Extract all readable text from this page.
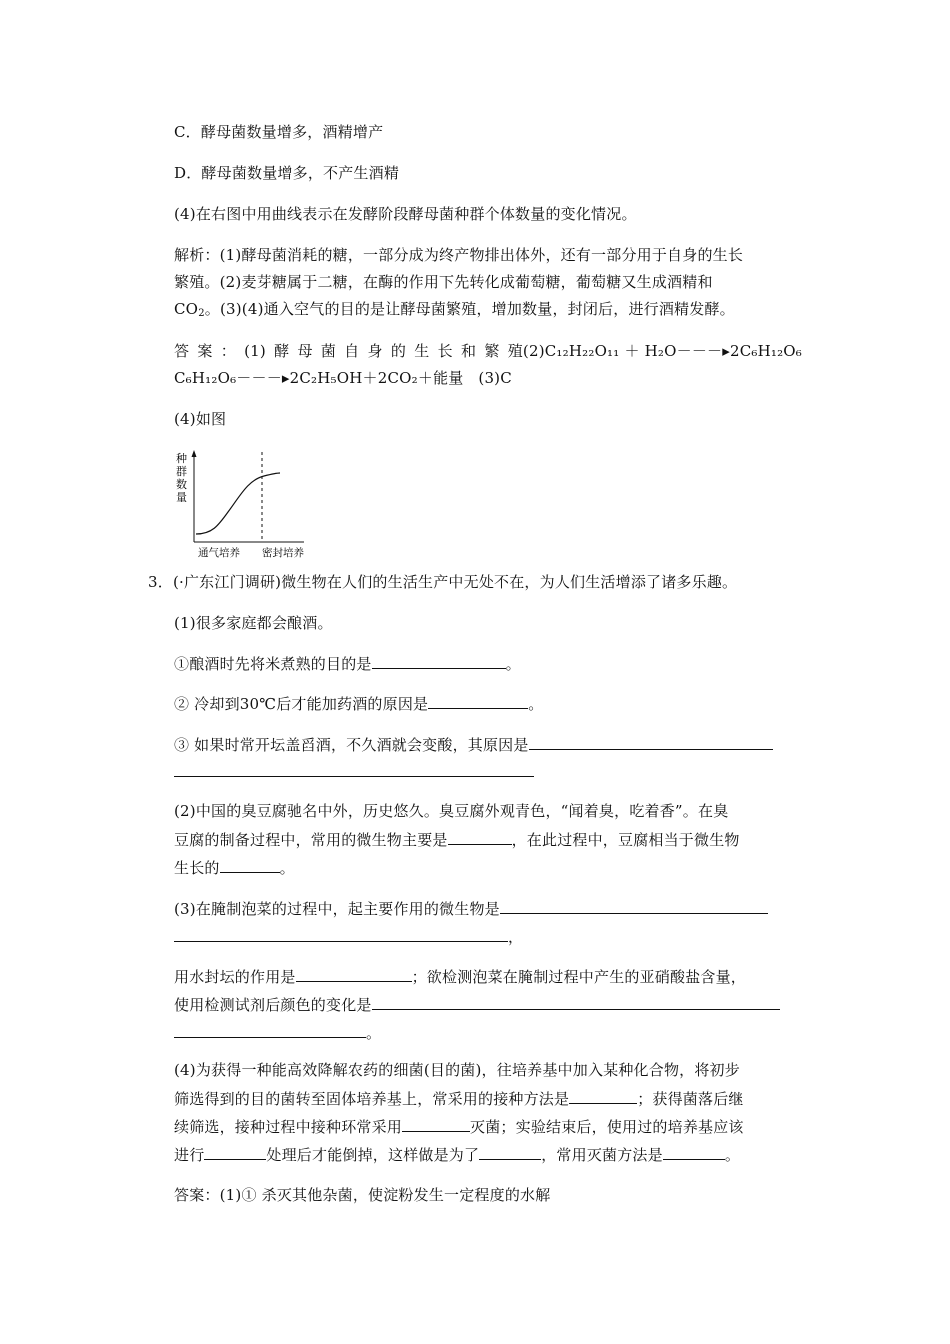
C．酵母菌数量增多，酒精增产
D．酵母菌数量增多，不产生酒精
(4)在右图中用曲线表示在发酵阶段酵母菌种群个体数量的变化情况。
解析：(1)酵母菌消耗的糖，一部分成为终产物排出体外，还有一部分用于自身的生长
繁殖。(2)麦芽糖属于二糖，在酶的作用下先转化成葡萄糖，葡萄糖又生成酒精和
$CO_2$。(3)(4)通入空气的目的是让酵母菌繁殖，增加数量，封闭后，进行酒精发酵。
答 案 ： (1) 酵 母 菌 自 身 的 生 长 和 繁 殖 (2)C₁₂H₂₂O₁₁ ＋ H₂O－－－▸2C₆H₁₂O₆
C₆H₁₂O₆－－－▸2C₂H₅OH＋2CO₂＋能量 (3)C
(4)如图
种
群
数
量
通气培养 密封培养
3．(·广东江门调研)微生物在人们的生活生产中无处不在，为人们生活增添了诸多乐趣。
(1)很多家庭都会酿酒。
①酿酒时先将米煮熟的目的是	。
② 冷却到30℃后才能加药酒的原因是	。
③ 如果时常开坛盖舀酒，不久酒就会变酸，其原因是
(2)中国的臭豆腐驰名中外，历史悠久。臭豆腐外观青色，“闻着臭，吃着香”。在臭
豆腐的制备过程中，常用的微生物主要是	，在此过程中，豆腐相当于微生物
生长的	。
(3)在腌制泡菜的过程中，起主要作用的微生物是
，
用水封坛的作用是	；欲检测泡菜在腌制过程中产生的亚硝酸盐含量，
使用检测试剂后颜色的变化是
。
(4)为获得一种能高效降解农药的细菌(目的菌)，往培养基中加入某种化合物，将初步
筛选得到的目的菌转至固体培养基上，常采用的接种方法是	；获得菌落后继
续筛选，接种过程中接种环常采用	灭菌；实验结束后，使用过的培养基应该
进行	处理后才能倒掉，这样做是为了	，常用灭菌方法是	。
答案：(1)① 杀灭其他杂菌，使淀粉发生一定程度的水解
